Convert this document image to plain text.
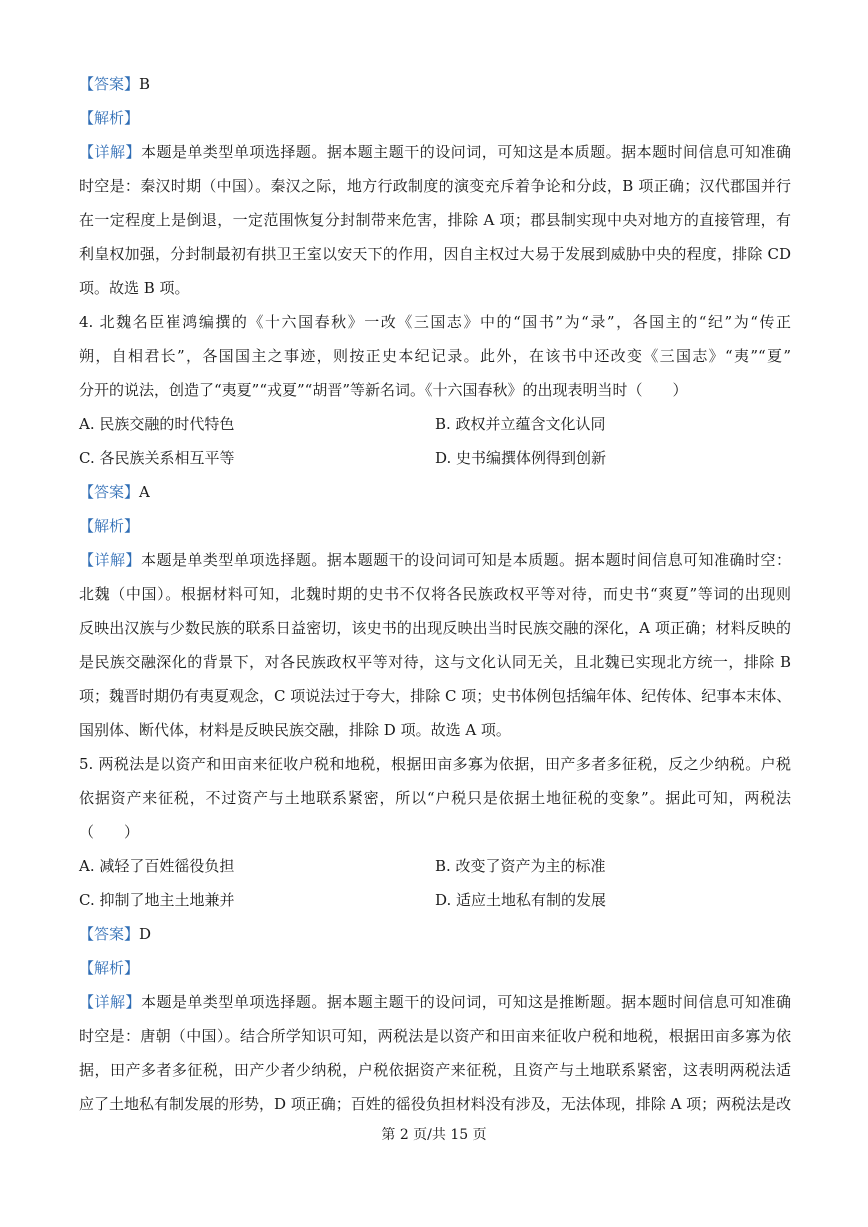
【答案】B
【解析】
【详解】本题是单类型单项选择题。据本题主题干的设问词，可知这是本质题。据本题时间信息可知准确
时空是：秦汉时期（中国）。秦汉之际，地方行政制度的演变充斥着争论和分歧，B 项正确；汉代郡国并行
在一定程度上是倒退，一定范围恢复分封制带来危害，排除 A 项；郡县制实现中央对地方的直接管理，有
利皇权加强，分封制最初有拱卫王室以安天下的作用，因自主权过大易于发展到威胁中央的程度，排除 CD
项。故选 B 项。
4. 北魏名臣崔鸿编撰的《十六国春秋》一改《三国志》中的“国书”为“录”，各国主的“纪”为“传正
朔，自相君长”，各国国主之事迹，则按正史本纪记录。此外，在该书中还改变《三国志》“夷”“夏”
分开的说法，创造了“夷夏”“戎夏”“胡晋”等新名词。《十六国春秋》的出现表明当时（　　）
A. 民族交融的时代特色	B. 政权并立蕴含文化认同
C. 各民族关系相互平等	D. 史书编撰体例得到创新
【答案】A
【解析】
【详解】本题是单类型单项选择题。据本题题干的设问词可知是本质题。据本题时间信息可知准确时空：
北魏（中国）。根据材料可知，北魏时期的史书不仅将各民族政权平等对待，而史书“爽夏”等词的出现则
反映出汉族与少数民族的联系日益密切，该史书的出现反映出当时民族交融的深化，A 项正确；材料反映的
是民族交融深化的背景下，对各民族政权平等对待，这与文化认同无关，且北魏已实现北方统一，排除 B
项；魏晋时期仍有夷夏观念，C 项说法过于夸大，排除 C 项；史书体例包括编年体、纪传体、纪事本末体、
国别体、断代体，材料是反映民族交融，排除 D 项。故选 A 项。
5. 两税法是以资产和田亩来征收户税和地税，根据田亩多寡为依据，田产多者多征税，反之少纳税。户税
依据资产来征税，不过资产与土地联系紧密，所以“户税只是依据土地征税的变象”。据此可知，两税法
（　　）
A. 减轻了百姓徭役负担	B. 改变了资产为主的标准
C. 抑制了地主土地兼并	D. 适应土地私有制的发展
【答案】D
【解析】
【详解】本题是单类型单项选择题。据本题主题干的设问词，可知这是推断题。据本题时间信息可知准确
时空是：唐朝（中国）。结合所学知识可知，两税法是以资产和田亩来征收户税和地税，根据田亩多寡为依
据，田产多者多征税，田产少者少纳税，户税依据资产来征税，且资产与土地联系紧密，这表明两税法适
应了土地私有制发展的形势，D 项正确；百姓的徭役负担材料没有涉及，无法体现，排除 A 项；两税法是改
第 2 页/共 15 页
